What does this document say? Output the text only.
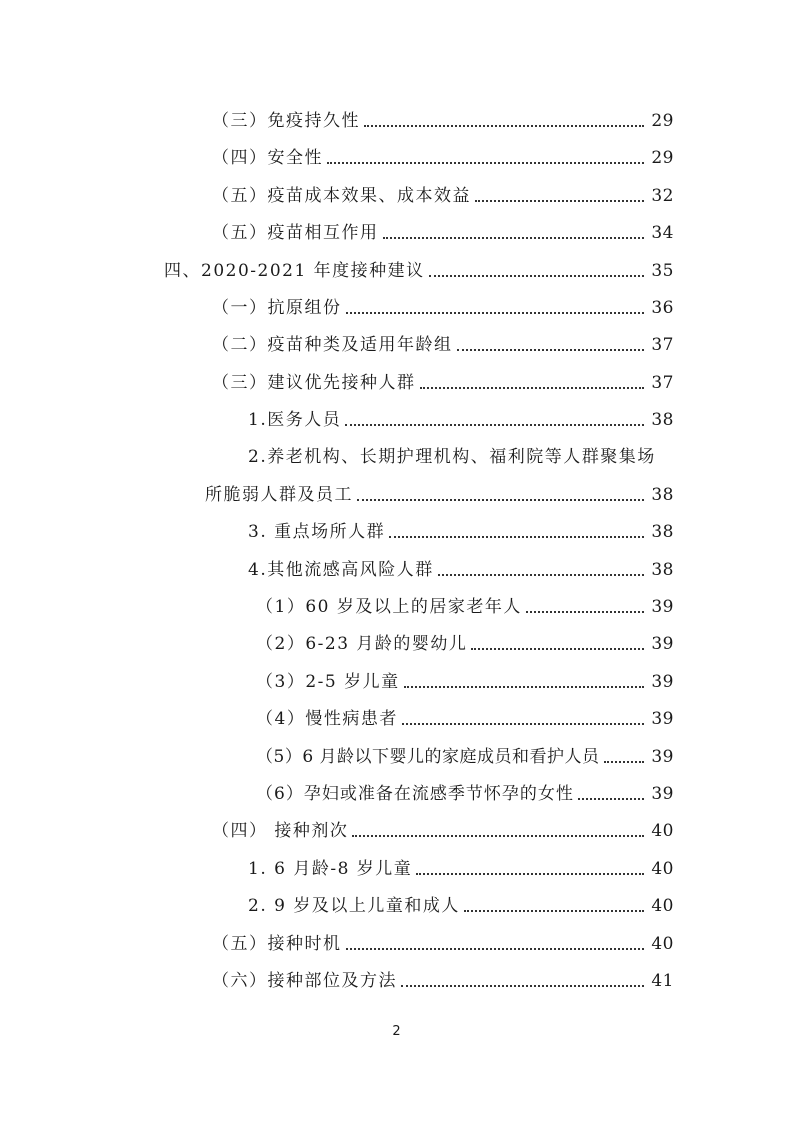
（三）免疫持久性	29
（四）安全性	29
（五）疫苗成本效果、成本效益	32
（五）疫苗相互作用	34
四、2020-2021 年度接种建议	35
（一）抗原组份	36
（二）疫苗种类及适用年龄组	37
（三）建议优先接种人群	37
1.医务人员	38
2.养老机构、长期护理机构、福利院等人群聚集场
所脆弱人群及员工	38
3. 重点场所人群	38
4.其他流感高风险人群	38
（1）60 岁及以上的居家老年人	39
（2）6-23 月龄的婴幼儿	39
（3）2-5 岁儿童	39
（4）慢性病患者	39
（5）6 月龄以下婴儿的家庭成员和看护人员	39
（6）孕妇或准备在流感季节怀孕的女性	39
（四） 接种剂次	40
1. 6 月龄-8 岁儿童	40
2. 9 岁及以上儿童和成人	40
（五）接种时机	40
（六）接种部位及方法	41
2
